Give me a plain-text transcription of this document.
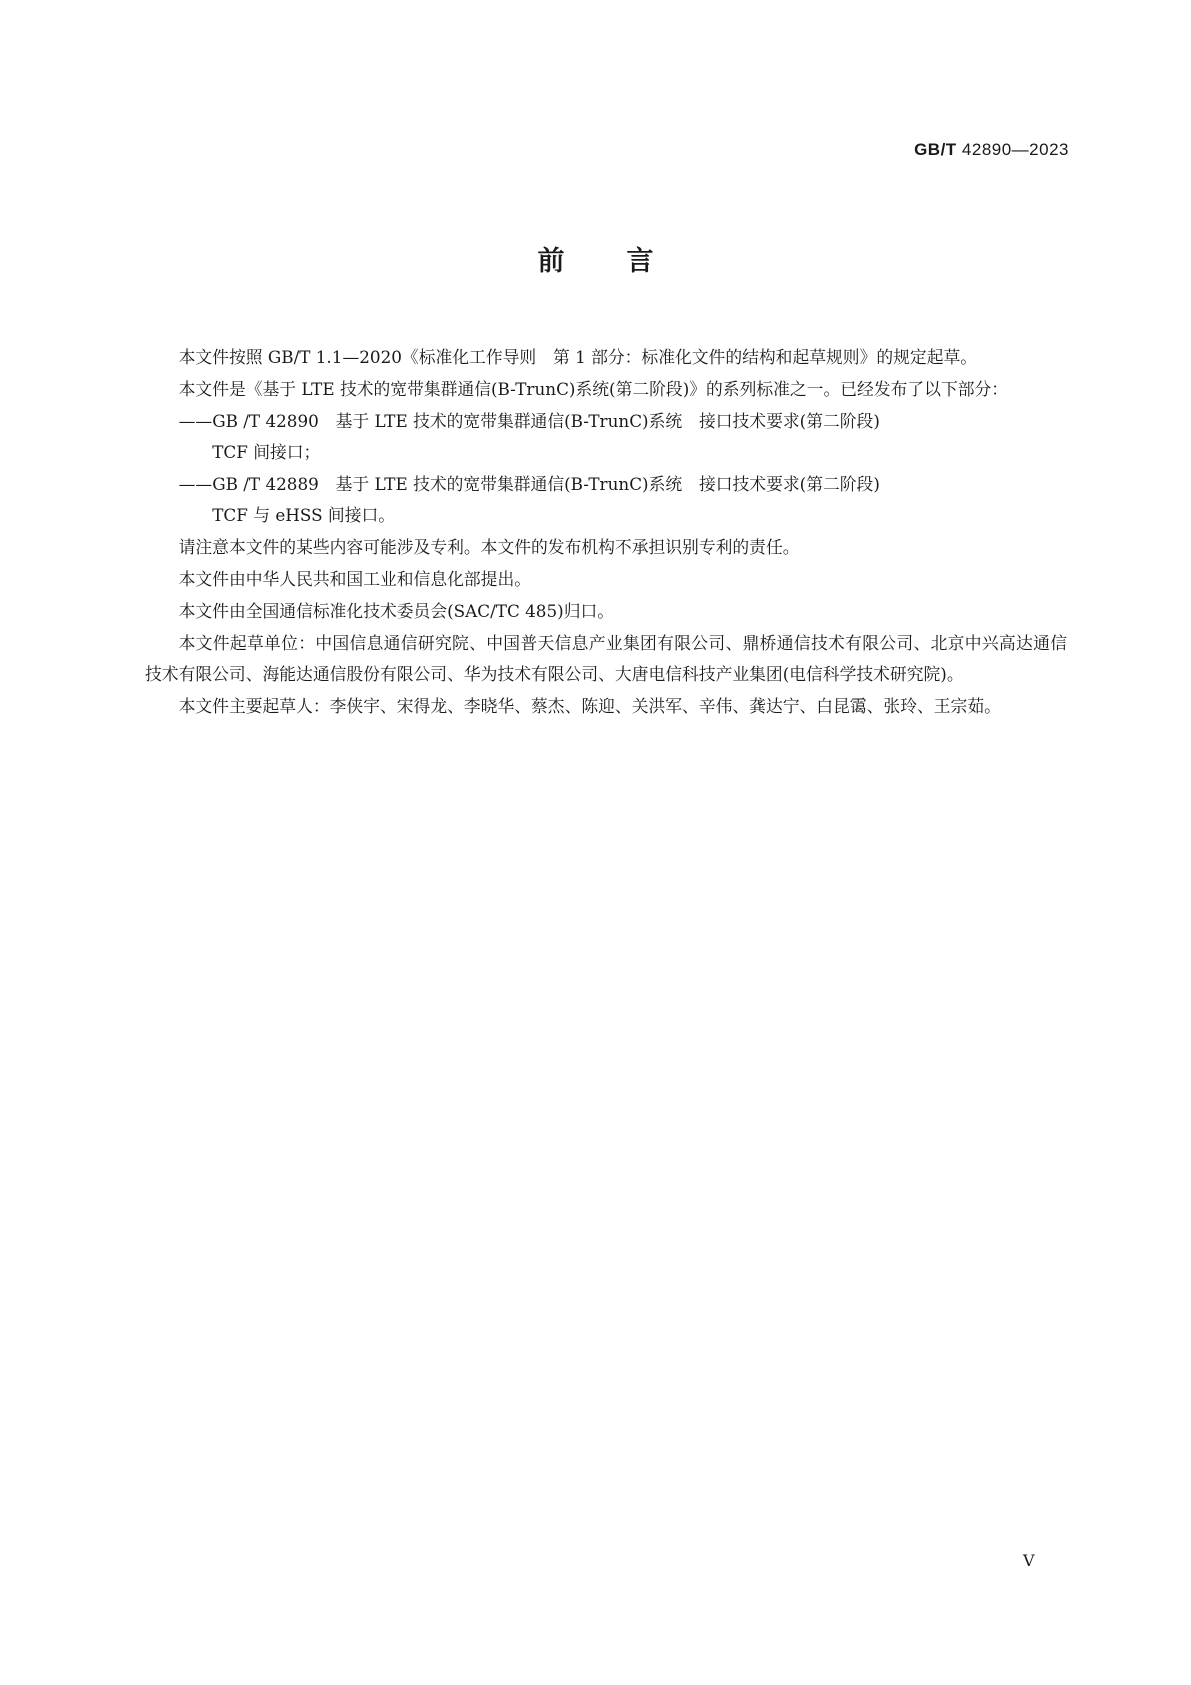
GB/T 42890—2023
前言

本文件按照 GB/T 1.1—2020《标准化工作导则　第 1 部分：标准化文件的结构和起草规则》的规定起草。

本文件是《基于 LTE 技术的宽带集群通信(B-TrunC)系统(第二阶段)》的系列标准之一。已经发布了以下部分：

——GB /T 42890 基于 LTE 技术的宽带集群通信(B-TrunC)系统 接口技术要求(第二阶段)
TCF 间接口；

——GB /T 42889 基于 LTE 技术的宽带集群通信(B-TrunC)系统 接口技术要求(第二阶段)
TCF 与 eHSS 间接口。

请注意本文件的某些内容可能涉及专利。本文件的发布机构不承担识别专利的责任。

本文件由中华人民共和国工业和信息化部提出。

本文件由全国通信标准化技术委员会(SAC/TC 485)归口。

本文件起草单位：中国信息通信研究院、中国普天信息产业集团有限公司、鼎桥通信技术有限公司、北京中兴高达通信技术有限公司、海能达通信股份有限公司、华为技术有限公司、大唐电信科技产业集团(电信科学技术研究院)。

本文件主要起草人：李侠宇、宋得龙、李晓华、蔡杰、陈迎、关洪军、辛伟、龚达宁、白昆霭、张玲、王宗茹。

V
